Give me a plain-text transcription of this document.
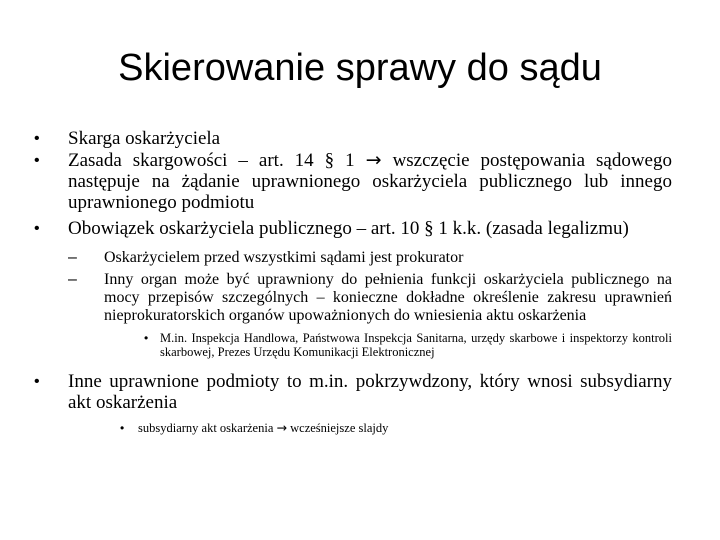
Skierowanie sprawy do sądu
• Skarga oskarżyciela
• Zasada skargowości – art. 14 § 1 → wszczęcie postępowania sądowego następuje na żądanie uprawnionego oskarżyciela publicznego lub innego uprawnionego podmiotu
• Obowiązek oskarżyciela publicznego – art. 10 § 1 k.k. (zasada legalizmu)
– Oskarżycielem przed wszystkimi sądami jest prokurator
– Inny organ może być uprawniony do pełnienia funkcji oskarżyciela publicznego na mocy przepisów szczególnych – konieczne dokładne określenie zakresu uprawnień nieprokuratorskich organów upoważnionych do wniesienia aktu oskarżenia
• M.in. Inspekcja Handlowa, Państwowa Inspekcja Sanitarna, urzędy skarbowe i inspektorzy kontroli skarbowej, Prezes Urzędu Komunikacji Elektronicznej
• Inne uprawnione podmioty to m.in. pokrzywdzony, który wnosi subsydiarny akt oskarżenia
• subsydiarny akt oskarżenia → wcześniejsze slajdy
